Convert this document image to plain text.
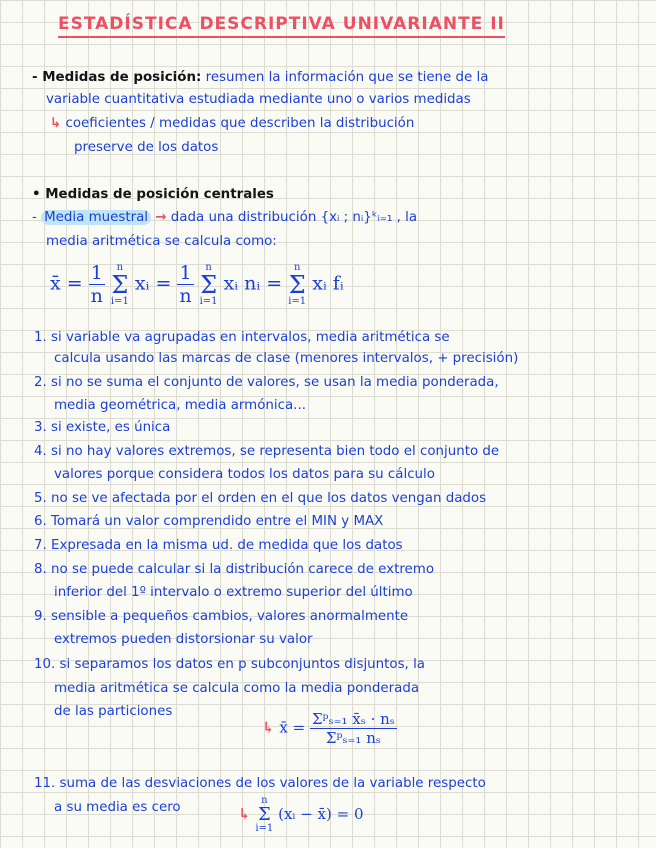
ESTADÍSTICA DESCRIPTIVA UNIVARIANTE II
- Medidas de posición: resumen la información que se tiene de la
variable cuantitativa estudiada mediante uno o varios medidas
↳ coeficientes / medidas que describen la distribución
preserve de los datos
• Medidas de posición centrales
- Media muestral → dada una distribución {xᵢ ; nᵢ}ᵏᵢ₌₁ , la
media aritmética se calcula como:
x̄ = $\frac{1}{n}$
n
Σ
i=1
xᵢ = $\frac{1}{n}$
n
Σ
i=1
xᵢ nᵢ =
n
Σ
i=1
xᵢ fᵢ
1. si variable va agrupadas en intervalos, media aritmética se
calcula usando las marcas de clase (menores intervalos, + precisión)
2. si no se suma el conjunto de valores, se usan la media ponderada,
media geométrica, media armónica...
3. si existe, es única
4. si no hay valores extremos, se representa bien todo el conjunto de
valores porque considera todos los datos para su cálculo
5. no se ve afectada por el orden en el que los datos vengan dados
6. Tomará un valor comprendido entre el MIN y MAX
7. Expresada en la misma ud. de medida que los datos
8. no se puede calcular si la distribución carece de extremo
inferior del 1º intervalo o extremo superior del último
9. sensible a pequeños cambios, valores anormalmente
extremos pueden distorsionar su valor
10. si separamos los datos en p subconjuntos disjuntos, la
media aritmética se calcula como la media ponderada
de las particiones
↳ x̄ = $\frac{\text{Σᵖₛ₌₁ x̄ₛ · nₛ}}{\text{Σᵖₛ₌₁ nₛ}}$
11. suma de las desviaciones de los valores de la variable respecto
a su media es cero	↳
n
Σ
i=1
(xᵢ − x̄) = 0
